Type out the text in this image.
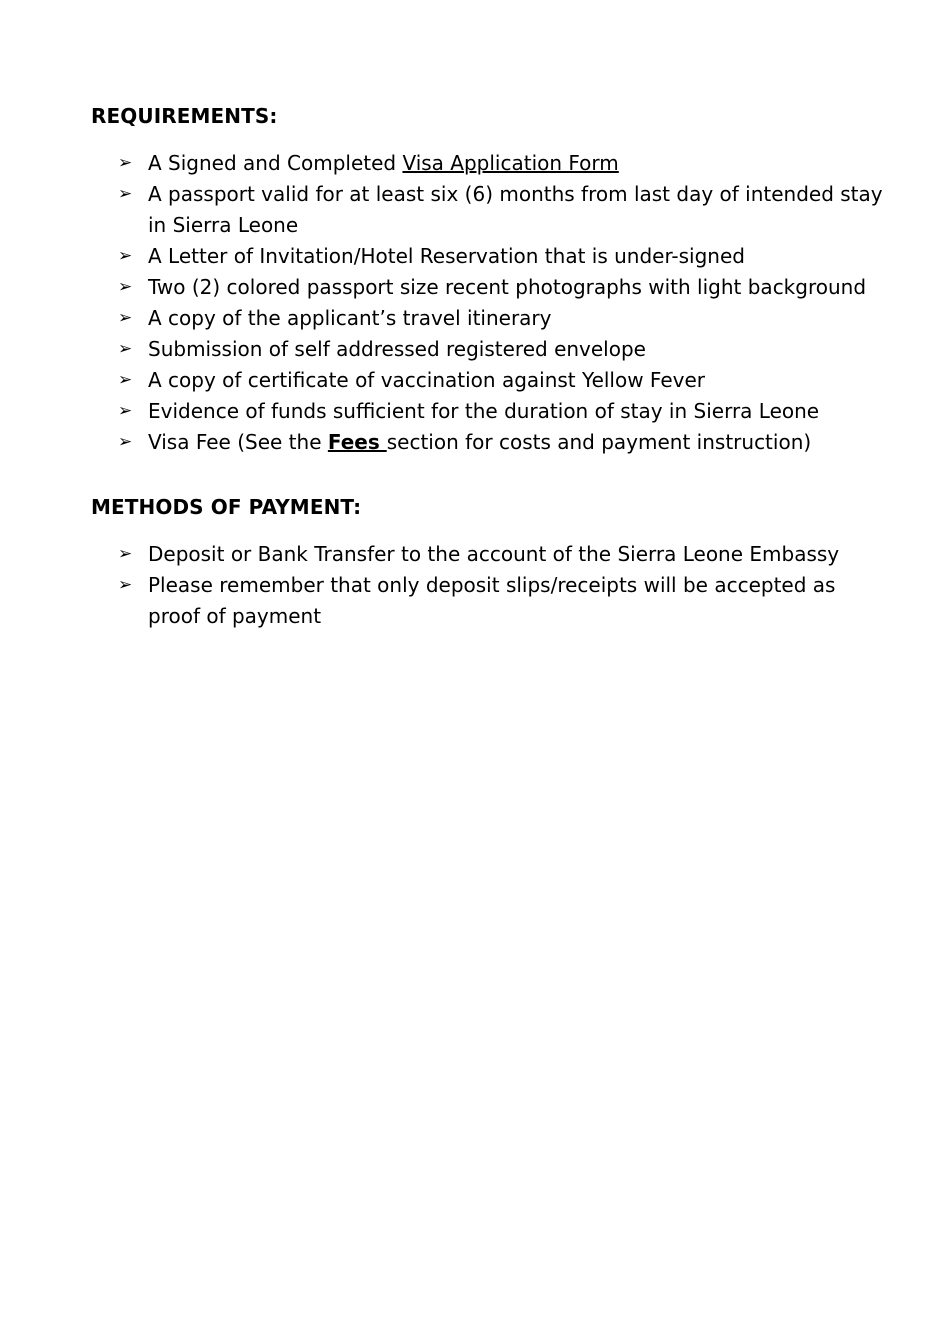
REQUIREMENTS:
➢ A Signed and Completed Visa Application Form
➢ A passport valid for at least six (6) months from last day of intended stay in Sierra Leone
➢ A Letter of Invitation/Hotel Reservation that is under-signed
➢ Two (2) colored passport size recent photographs with light background
➢ A copy of the applicant’s travel itinerary
➢ Submission of self addressed registered envelope
➢ A copy of certificate of vaccination against Yellow Fever
➢ Evidence of funds sufficient for the duration of stay in Sierra Leone
➢ Visa Fee (See the Fees section for costs and payment instruction)
METHODS OF PAYMENT:
➢ Deposit or Bank Transfer to the account of the Sierra Leone Embassy
➢ Please remember that only deposit slips/receipts will be accepted as proof of payment
